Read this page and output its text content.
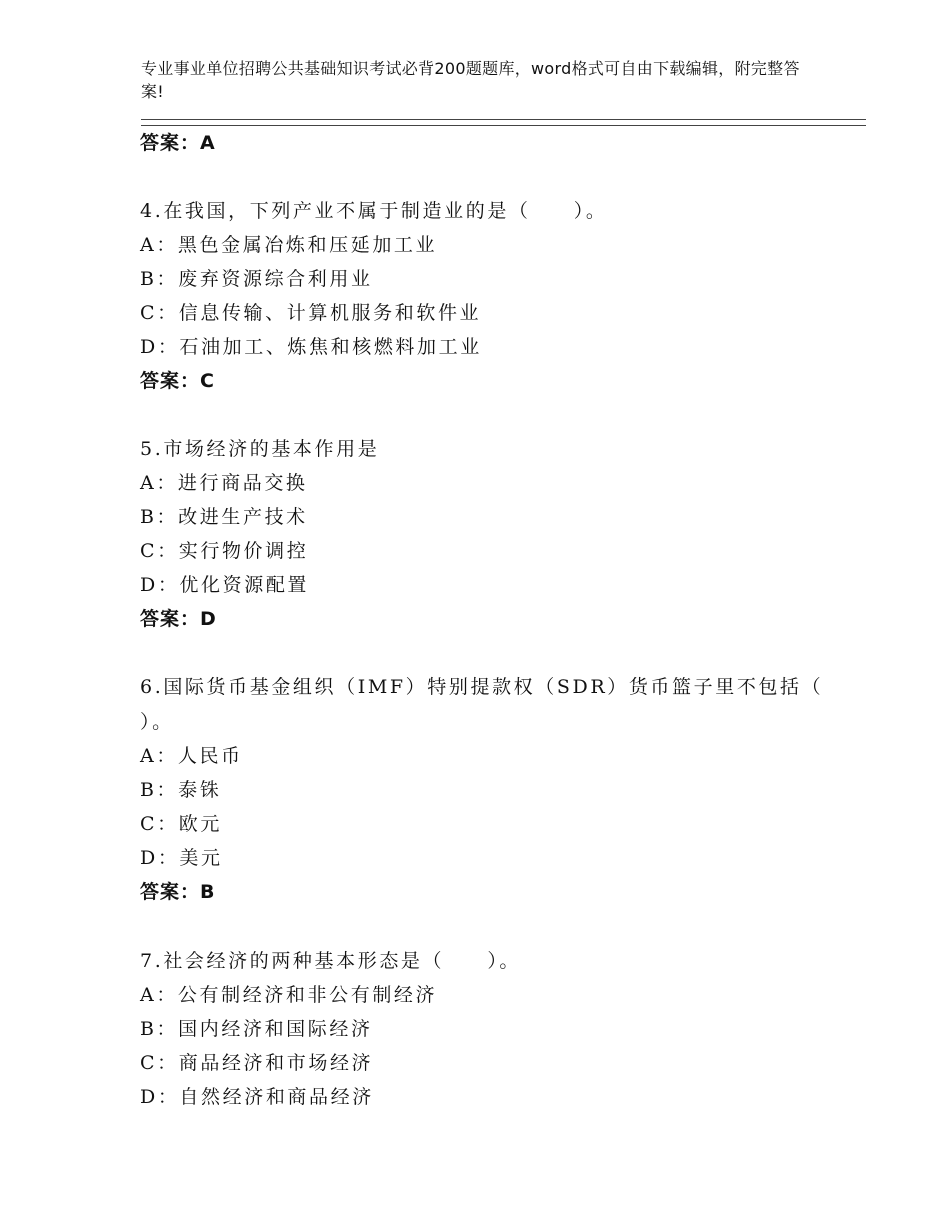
专业事业单位招聘公共基础知识考试必背200题题库，word格式可自由下载编辑，附完整答案!
答案：A
4.在我国，下列产业不属于制造业的是（　　）。
A：黑色金属冶炼和压延加工业
B：废弃资源综合利用业
C：信息传输、计算机服务和软件业
D：石油加工、炼焦和核燃料加工业
答案：C
5.市场经济的基本作用是
A：进行商品交换
B：改进生产技术
C：实行物价调控
D：优化资源配置
答案：D
6.国际货币基金组织（IMF）特别提款权（SDR）货币篮子里不包括（
）。
A：人民币
B：泰铢
C：欧元
D：美元
答案：B
7.社会经济的两种基本形态是（　　）。
A：公有制经济和非公有制经济
B：国内经济和国际经济
C：商品经济和市场经济
D：自然经济和商品经济
